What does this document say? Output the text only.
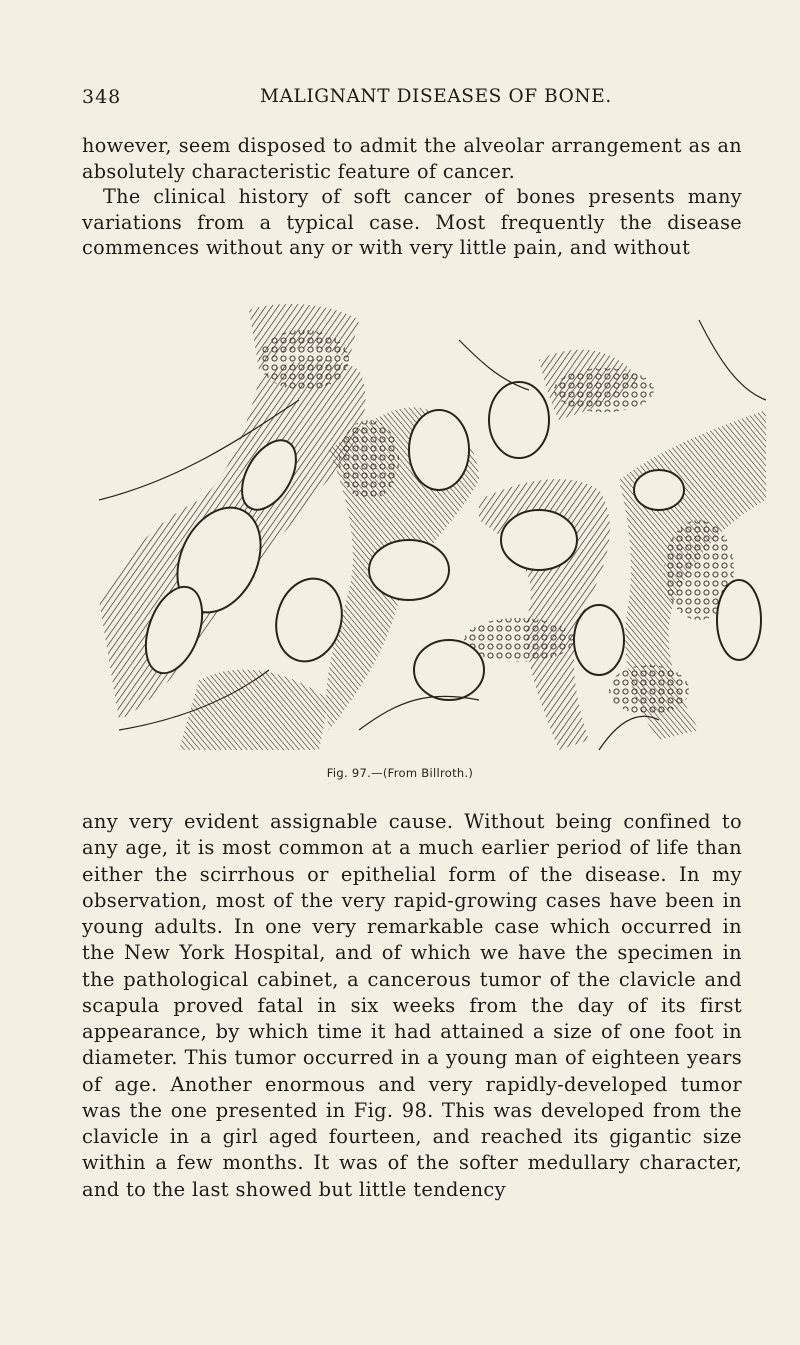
348	MALIGNANT DISEASES OF BONE.

however, seem disposed to admit the alveolar arrangement as an absolutely characteristic feature of cancer.

The clinical history of soft cancer of bones presents many variations from a typical case. Most frequently the disease commences without any or with very little pain, and without

Fig. 97.—(From Billroth.)

any very evident assignable cause. Without being confined to any age, it is most common at a much earlier period of life than either the scirrhous or epithelial form of the disease. In my observation, most of the very rapid-growing cases have been in young adults. In one very remarkable case which occurred in the New York Hospital, and of which we have the specimen in the pathological cabinet, a cancerous tumor of the clavicle and scapula proved fatal in six weeks from the day of its first appearance, by which time it had attained a size of one foot in diameter. This tumor occurred in a young man of eighteen years of age. Another enormous and very rapidly-developed tumor was the one presented in Fig. 98. This was developed from the clavicle in a girl aged fourteen, and reached its gigantic size within a few months. It was of the softer medullary character, and to the last showed but little tendency
